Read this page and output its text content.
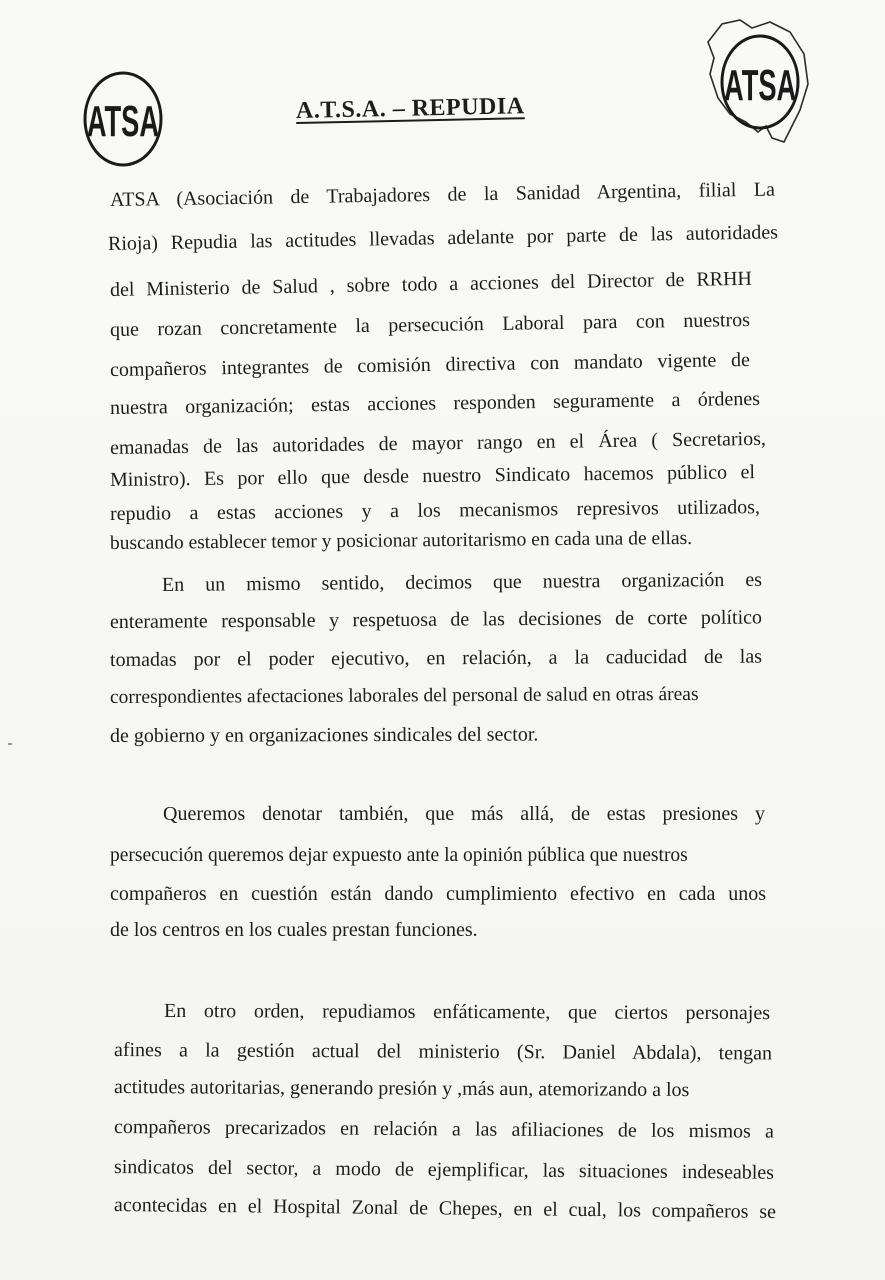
ATSA
ATSA
A.T.S.A. – REPUDIA

ATSA (Asociación de Trabajadores de la Sanidad Argentina, filial La

Rioja) Repudia las actitudes llevadas adelante por parte de las autoridades

del Ministerio de Salud , sobre todo a acciones del Director de RRHH

que rozan concretamente la persecución Laboral para con nuestros

compañeros integrantes de comisión directiva con mandato vigente de

nuestra organización; estas acciones responden seguramente a órdenes

emanadas de las autoridades de mayor rango en el Área ( Secretarios,

Ministro). Es por ello que desde nuestro Sindicato hacemos público el

repudio a estas acciones y a los mecanismos represivos utilizados,

buscando establecer temor y posicionar autoritarismo en cada una de ellas.

En un mismo sentido, decimos que nuestra organización es

enteramente responsable y respetuosa de las decisiones de corte político

tomadas por el poder ejecutivo, en relación, a la caducidad de las

correspondientes afectaciones laborales del personal de salud en otras áreas

de gobierno y en organizaciones sindicales del sector.

Queremos denotar también, que más allá, de estas presiones y

persecución queremos dejar expuesto ante la opinión pública que nuestros

compañeros en cuestión están dando cumplimiento efectivo en cada unos

de los centros en los cuales prestan funciones.

En otro orden, repudiamos enfáticamente, que ciertos personajes

afines a la gestión actual del ministerio (Sr. Daniel Abdala), tengan

actitudes autoritarias, generando presión y ,más aun, atemorizando a los

compañeros precarizados en relación a las afiliaciones de los mismos a

sindicatos del sector, a modo de ejemplificar, las situaciones indeseables

acontecidas en el Hospital Zonal de Chepes, en el cual, los compañeros se
